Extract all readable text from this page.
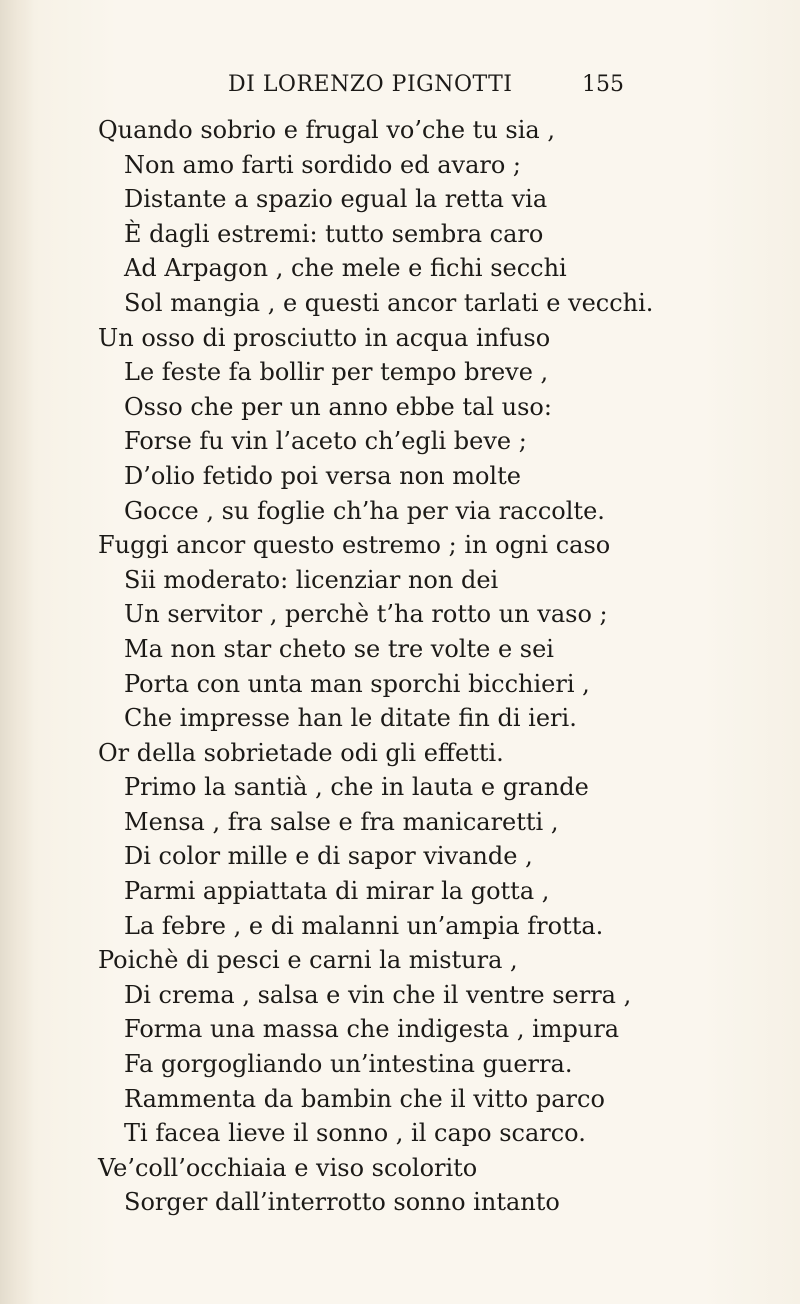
DI LORENZO PIGNOTTI	155
Quando sobrio e frugal vo’che tu sia ,
Non amo farti sordido ed avaro ;
Distante a spazio egual la retta via
È dagli estremi: tutto sembra caro
Ad Arpagon , che mele e fichi secchi
Sol mangia , e questi ancor tarlati e vecchi.
Un osso di prosciutto in acqua infuso
Le feste fa bollir per tempo breve ,
Osso che per un anno ebbe tal uso:
Forse fu vin l’aceto ch’egli beve ;
D’olio fetido poi versa non molte
Gocce , su foglie ch’ha per via raccolte.
Fuggi ancor questo estremo ; in ogni caso
Sii moderato: licenziar non dei
Un servitor , perchè t’ha rotto un vaso ;
Ma non star cheto se tre volte e sei
Porta con unta man sporchi bicchieri ,
Che impresse han le ditate fin di ieri.
Or della sobrietade odi gli effetti.
Primo la santià , che in lauta e grande
Mensa , fra salse e fra manicaretti ,
Di color mille e di sapor vivande ,
Parmi appiattata di mirar la gotta ,
La febre , e di malanni un’ampia frotta.
Poichè di pesci e carni la mistura ,
Di crema , salsa e vin che il ventre serra ,
Forma una massa che indigesta , impura
Fa gorgogliando un’intestina guerra.
Rammenta da bambin che il vitto parco
Ti facea lieve il sonno , il capo scarco.
Ve’coll’occhiaia e viso scolorito
Sorger dall’interrotto sonno intanto
